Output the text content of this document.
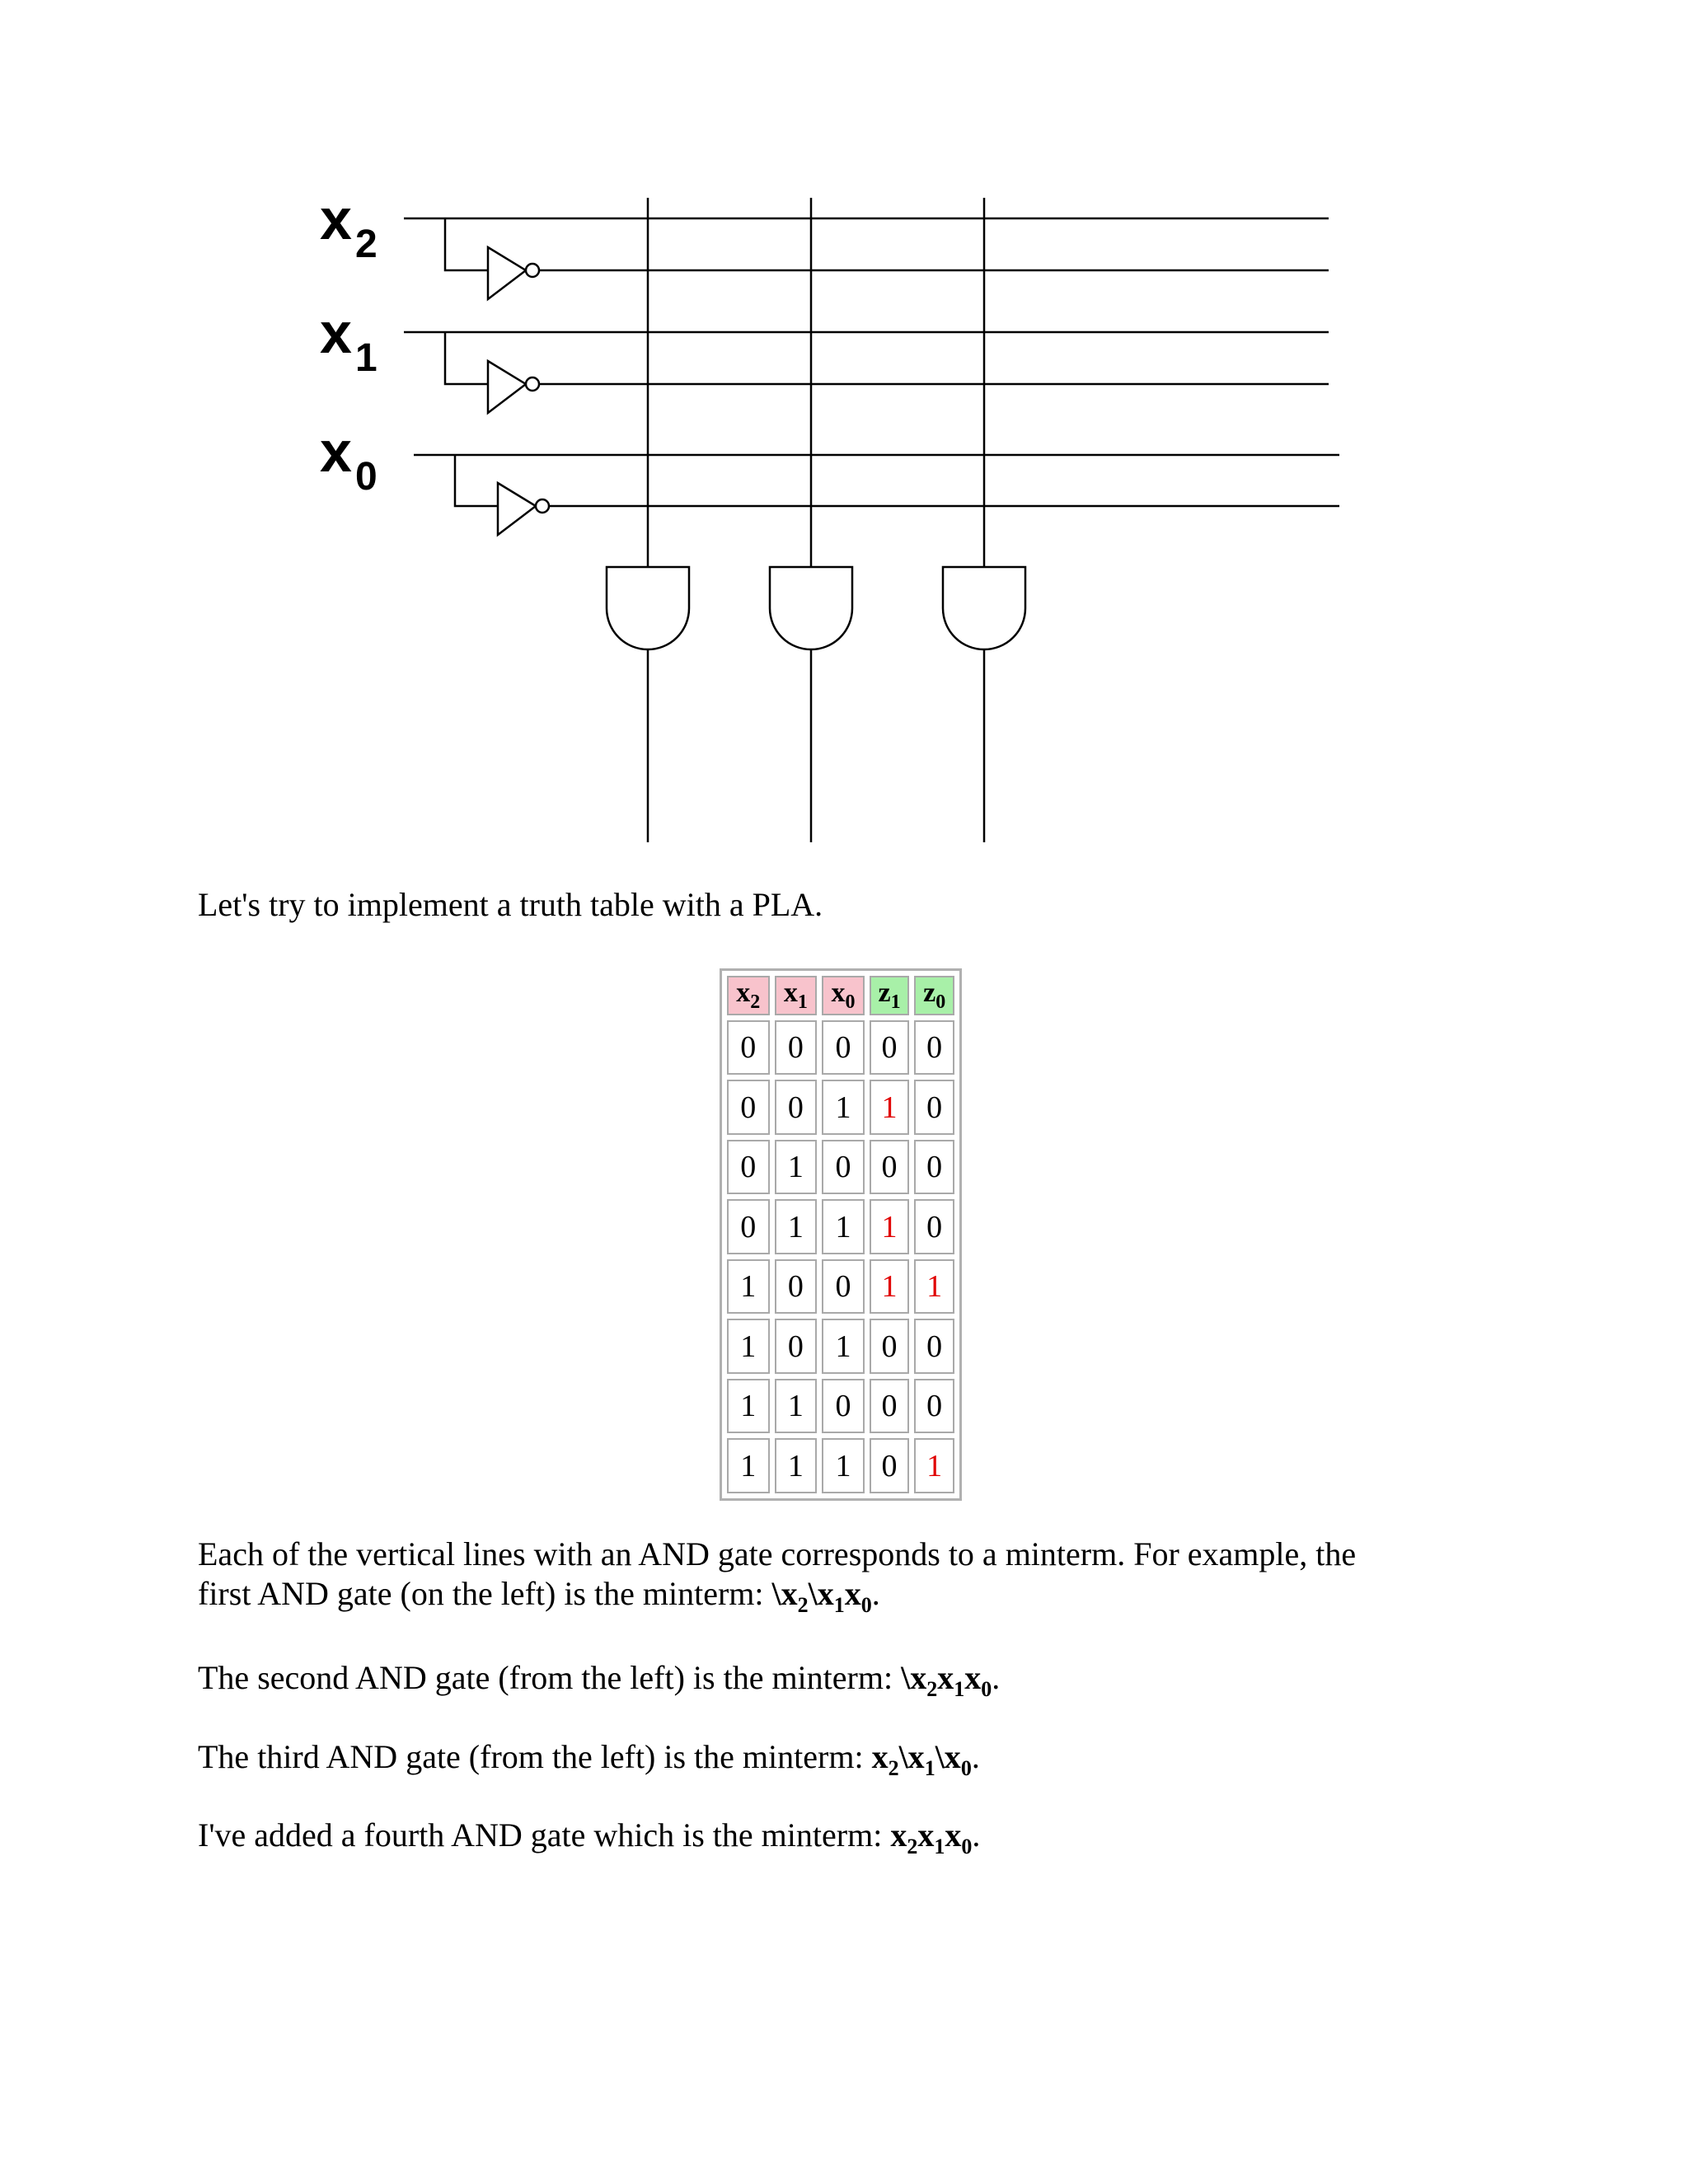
$x_2$
$x_1$
$x_0$

Let's try to implement a truth table with a PLA.

$x_2$	$x_1$	$x_0$	$z_1$	$z_0$
0	0	0	0	0
0	0	1	1	0
0	1	0	0	0
0	1	1	1	0
1	0	0	1	1
1	0	1	0	0
1	1	0	0	0
1	1	1	0	1

Each of the vertical lines with an AND gate corresponds to a minterm. For example, the
first AND gate (on the left) is the minterm: $\backslash x_2\backslash x_1x_0$.

The second AND gate (from the left) is the minterm: $\backslash x_2x_1x_0$.

The third AND gate (from the left) is the minterm: $x_2\backslash x_1\backslash x_0$.

I've added a fourth AND gate which is the minterm: $x_2x_1x_0$.
